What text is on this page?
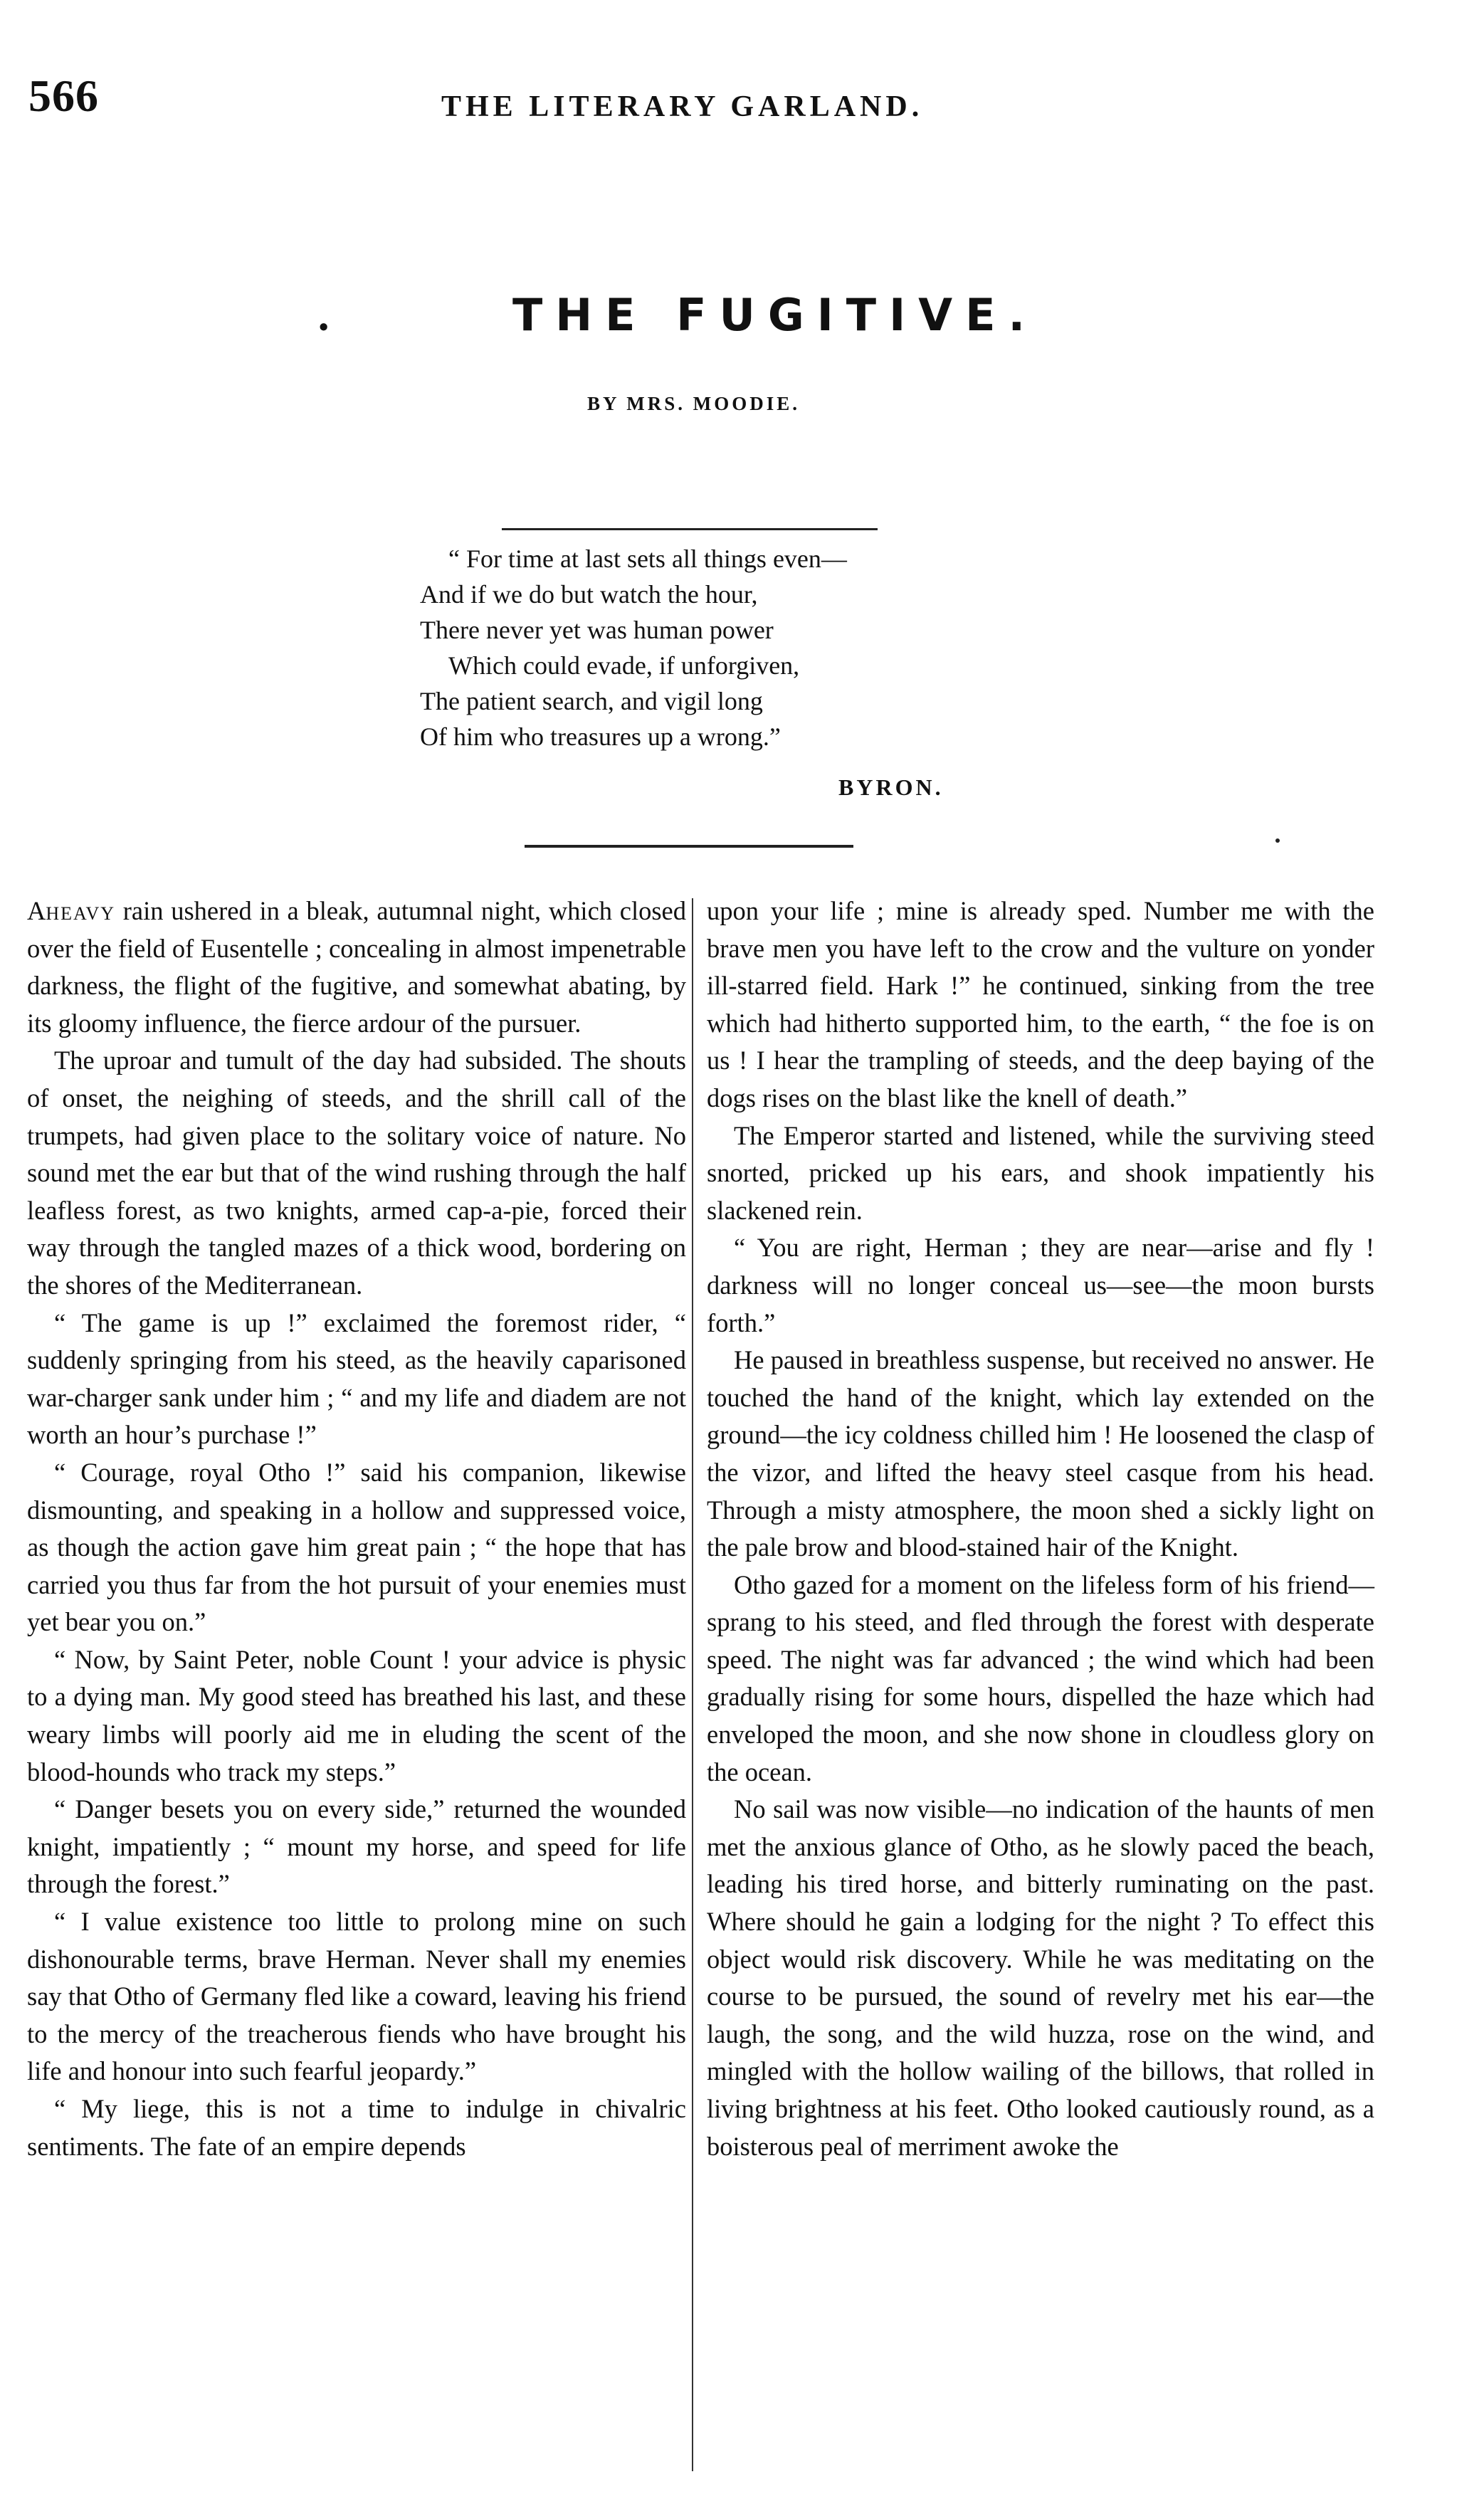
566	THE LITERARY GARLAND.
•	THE FUGITIVE.
BY MRS. MOODIE.
“ For time at last sets all things even—
And if we do but watch the hour,
There never yet was human power
Which could evade, if unforgiven,
The patient search, and vigil long
Of him who treasures up a wrong.”
BYRON.

Aheavy rain ushered in a bleak, autumnal night, which closed over the field of Eusentelle ; concealing in almost impenetrable darkness, the flight of the fugitive, and somewhat abating, by its gloomy influence, the fierce ardour of the pursuer.

The uproar and tumult of the day had subsided. The shouts of onset, the neighing of steeds, and the shrill call of the trumpets, had given place to the solitary voice of nature. No sound met the ear but that of the wind rushing through the half leafless forest, as two knights, armed cap-a-pie, forced their way through the tangled mazes of a thick wood, bordering on the shores of the Mediterranean.

“ The game is up !” exclaimed the foremost rider, “ suddenly springing from his steed, as the heavily caparisoned war-charger sank under him ; “ and my life and diadem are not worth an hour’s purchase !”

“ Courage, royal Otho !” said his companion, likewise dismounting, and speaking in a hollow and suppressed voice, as though the action gave him great pain ; “ the hope that has carried you thus far from the hot pursuit of your enemies must yet bear you on.”

“ Now, by Saint Peter, noble Count ! your advice is physic to a dying man. My good steed has breathed his last, and these weary limbs will poorly aid me in eluding the scent of the blood-hounds who track my steps.”

“ Danger besets you on every side,” returned the wounded knight, impatiently ; “ mount my horse, and speed for life through the forest.”

“ I value existence too little to prolong mine on such dishonourable terms, brave Herman. Never shall my enemies say that Otho of Germany fled like a coward, leaving his friend to the mercy of the treacherous fiends who have brought his life and honour into such fearful jeopardy.”

“ My liege, this is not a time to indulge in chivalric sentiments. The fate of an empire depends

upon your life ; mine is already sped. Number me with the brave men you have left to the crow and the vulture on yonder ill-starred field. Hark !” he continued, sinking from the tree which had hitherto supported him, to the earth, “ the foe is on us ! I hear the trampling of steeds, and the deep baying of the dogs rises on the blast like the knell of death.”

The Emperor started and listened, while the surviving steed snorted, pricked up his ears, and shook impatiently his slackened rein.

“ You are right, Herman ; they are near—arise and fly ! darkness will no longer conceal us—see—the moon bursts forth.”

He paused in breathless suspense, but received no answer. He touched the hand of the knight, which lay extended on the ground—the icy coldness chilled him ! He loosened the clasp of the vizor, and lifted the heavy steel casque from his head. Through a misty atmosphere, the moon shed a sickly light on the pale brow and blood-stained hair of the Knight.

Otho gazed for a moment on the lifeless form of his friend—sprang to his steed, and fled through the forest with desperate speed. The night was far advanced ; the wind which had been gradually rising for some hours, dispelled the haze which had enveloped the moon, and she now shone in cloudless glory on the ocean.

No sail was now visible—no indication of the haunts of men met the anxious glance of Otho, as he slowly paced the beach, leading his tired horse, and bitterly ruminating on the past. Where should he gain a lodging for the night ? To effect this object would risk discovery. While he was meditating on the course to be pursued, the sound of revelry met his ear—the laugh, the song, and the wild huzza, rose on the wind, and mingled with the hollow wailing of the billows, that rolled in living brightness at his feet. Otho looked cautiously round, as a boisterous peal of merriment awoke the
